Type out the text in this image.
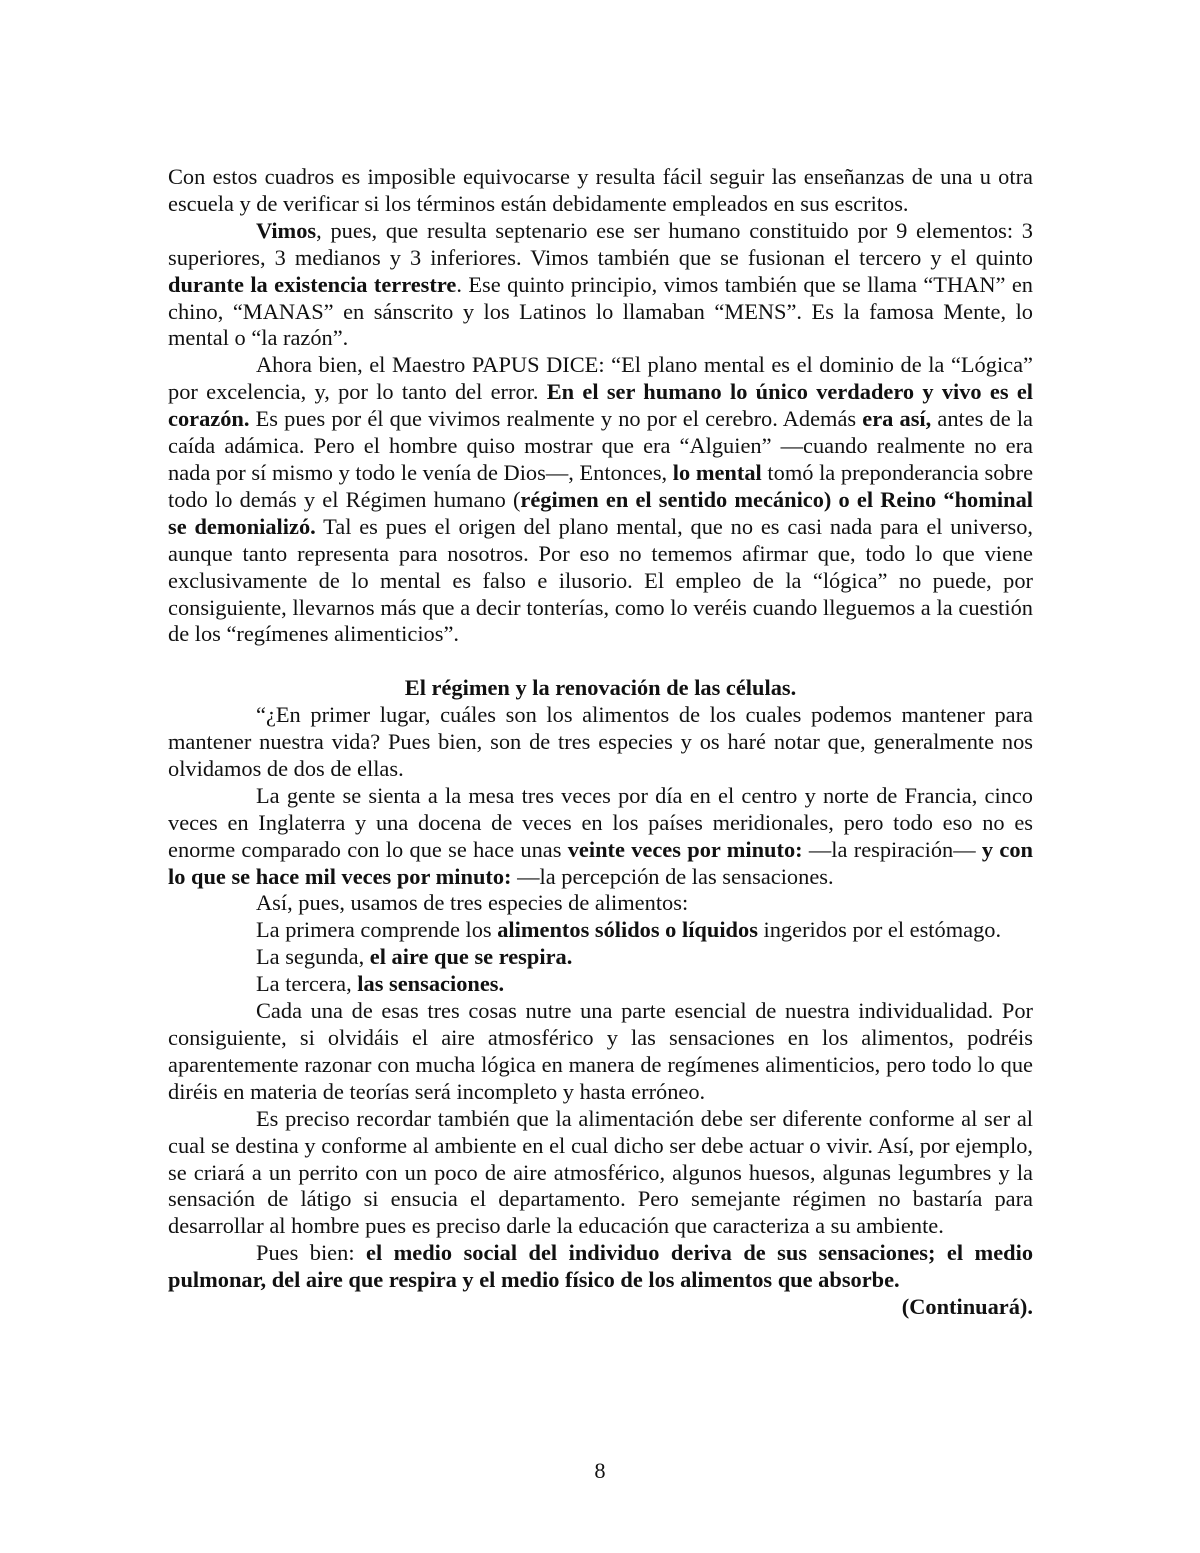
Con estos cuadros es imposible equivocarse y resulta fácil seguir las enseñanzas de una u otra escuela y de verificar si los términos están debidamente empleados en sus escritos.

Vimos, pues, que resulta septenario ese ser humano constituido por 9 elementos: 3 superiores, 3 medianos y 3 inferiores. Vimos también que se fusionan el tercero y el quinto durante la existencia terrestre. Ese quinto principio, vimos también que se llama “THAN” en chino, “MANAS” en sánscrito y los Latinos lo llamaban “MENS”. Es la famosa Mente, lo mental o “la razón”.

Ahora bien, el Maestro PAPUS DICE: “El plano mental es el dominio de la “Lógica” por excelencia, y, por lo tanto del error. En el ser humano lo único verdadero y vivo es el corazón. Es pues por él que vivimos realmente y no por el cerebro. Además era así, antes de la caída adámica. Pero el hombre quiso mostrar que era “Alguien” —cuando realmente no era nada por sí mismo y todo le venía de Dios—, Entonces, lo mental tomó la preponderancia sobre todo lo demás y el Régimen humano (régimen en el sentido mecánico) o el Reino “hominal se demonializó. Tal es pues el origen del plano mental, que no es casi nada para el universo, aunque tanto representa para nosotros. Por eso no tememos afirmar que, todo lo que viene exclusivamente de lo mental es falso e ilusorio. El empleo de la “lógica” no puede, por consiguiente, llevarnos más que a decir tonterías, como lo veréis cuando lleguemos a la cuestión de los “regímenes alimenticios”.

El régimen y la renovación de las células.

“¿En primer lugar, cuáles son los alimentos de los cuales podemos mantener para mantener nuestra vida? Pues bien, son de tres especies y os haré notar que, generalmente nos olvidamos de dos de ellas.

La gente se sienta a la mesa tres veces por día en el centro y norte de Francia, cinco veces en Inglaterra y una docena de veces en los países meridionales, pero todo eso no es enorme comparado con lo que se hace unas veinte veces por minuto: —la respiración— y con lo que se hace mil veces por minuto: —la percepción de las sensaciones.

Así, pues, usamos de tres especies de alimentos:

La primera comprende los alimentos sólidos o líquidos ingeridos por el estómago.

La segunda, el aire que se respira.

La tercera, las sensaciones.

Cada una de esas tres cosas nutre una parte esencial de nuestra individualidad. Por consiguiente, si olvidáis el aire atmosférico y las sensaciones en los alimentos, podréis aparentemente razonar con mucha lógica en manera de regímenes alimenticios, pero todo lo que diréis en materia de teorías será incompleto y hasta erróneo.

Es preciso recordar también que la alimentación debe ser diferente conforme al ser al cual se destina y conforme al ambiente en el cual dicho ser debe actuar o vivir. Así, por ejemplo, se criará a un perrito con un poco de aire atmosférico, algunos huesos, algunas legumbres y la sensación de látigo si ensucia el departamento. Pero semejante régimen no bastaría para desarrollar al hombre pues es preciso darle la educación que caracteriza a su ambiente.

Pues bien: el medio social del individuo deriva de sus sensaciones; el medio pulmonar, del aire que respira y el medio físico de los alimentos que absorbe.

(Continuará).

8
